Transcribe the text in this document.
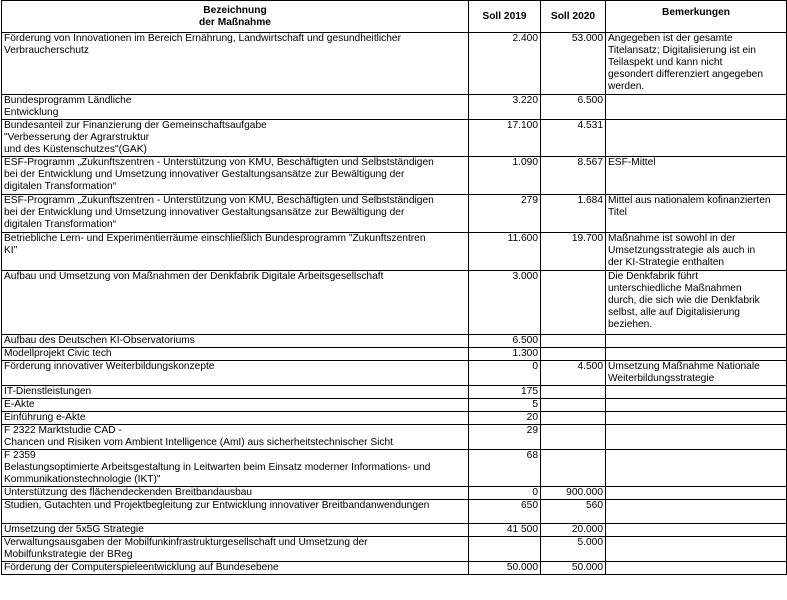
Bezeichnung
der Maßnahme	Soll 2019	Soll 2020	Bemerkungen
Förderung von Innovationen im Bereich Ernährung, Landwirtschaft und gesundheitlicher
Verbraucherschutz	2.400	53.000	Angegeben ist der gesamte
Titelansatz; Digitalisierung ist ein
Teilaspekt und kann nicht
gesondert differenziert angegeben
werden.
Bundesprogramm Ländliche
Entwicklung	3.220	6.500	
Bundesanteil zur Finanzierung der Gemeinschaftsaufgabe
"Verbesserung der Agrarstruktur
und des Küstenschutzes"(GAK)	17.100	4.531	
ESF-Programm „Zukunftszentren - Unterstützung von KMU, Beschäftigten und Selbstständigen
bei der Entwicklung und Umsetzung innovativer Gestaltungsansätze zur Bewältigung der
digitalen Transformation“	1.090	8.567	ESF-Mittel
ESF-Programm „Zukunftszentren - Unterstützung von KMU, Beschäftigten und Selbstständigen
bei der Entwicklung und Umsetzung innovativer Gestaltungsansätze zur Bewältigung der
digitalen Transformation“	279	1.684	Mittel aus nationalem kofinanzierten
Titel
Betriebliche Lern- und Experimentierräume einschließlich Bundesprogramm "Zukunftszentren
KI"	11.600	19.700	Maßnahme ist sowohl in der
Umsetzungsstrategie als auch in
der KI-Strategie enthalten
Aufbau und Umsetzung von Maßnahmen der Denkfabrik Digitale Arbeitsgesellschaft	3.000		Die Denkfabrik führt
unterschiedliche Maßnahmen
durch, die sich wie die Denkfabrik
selbst, alle auf Digitalisierung
beziehen.
Aufbau des Deutschen KI-Observatoriums	6.500		
Modellprojekt Civic tech	1.300		
Förderung innovativer Weiterbildungskonzepte	0	4.500	Umsetzung Maßnahme Nationale
Weiterbildungsstrategie
IT-Dienstleistungen	175		
E-Akte	5		
Einführung e-Akte	20		
F 2322 Marktstudie CAD -
Chancen und Risiken vom Ambient Intelligence (AmI) aus sicherheitstechnischer Sicht	29		
F 2359
Belastungsoptimierte Arbeitsgestaltung in Leitwarten beim Einsatz moderner Informations- und
Kommunikationstechnologie (IKT)"	68		
Unterstützung des flächendeckenden Breitbandausbau	0	900.000	
Studien, Gutachten und Projektbegleitung zur Entwicklung innovativer Breitbandanwendungen	650	560	
Umsetzung der 5x5G Strategie	41 500	20.000	
Verwaltungsausgaben der Mobilfunkinfrastrukturgesellschaft und Umsetzung der
Mobilfunkstrategie der BReg		5.000	
Förderung der Computerspieleentwicklung auf Bundesebene	50.000	50.000	
